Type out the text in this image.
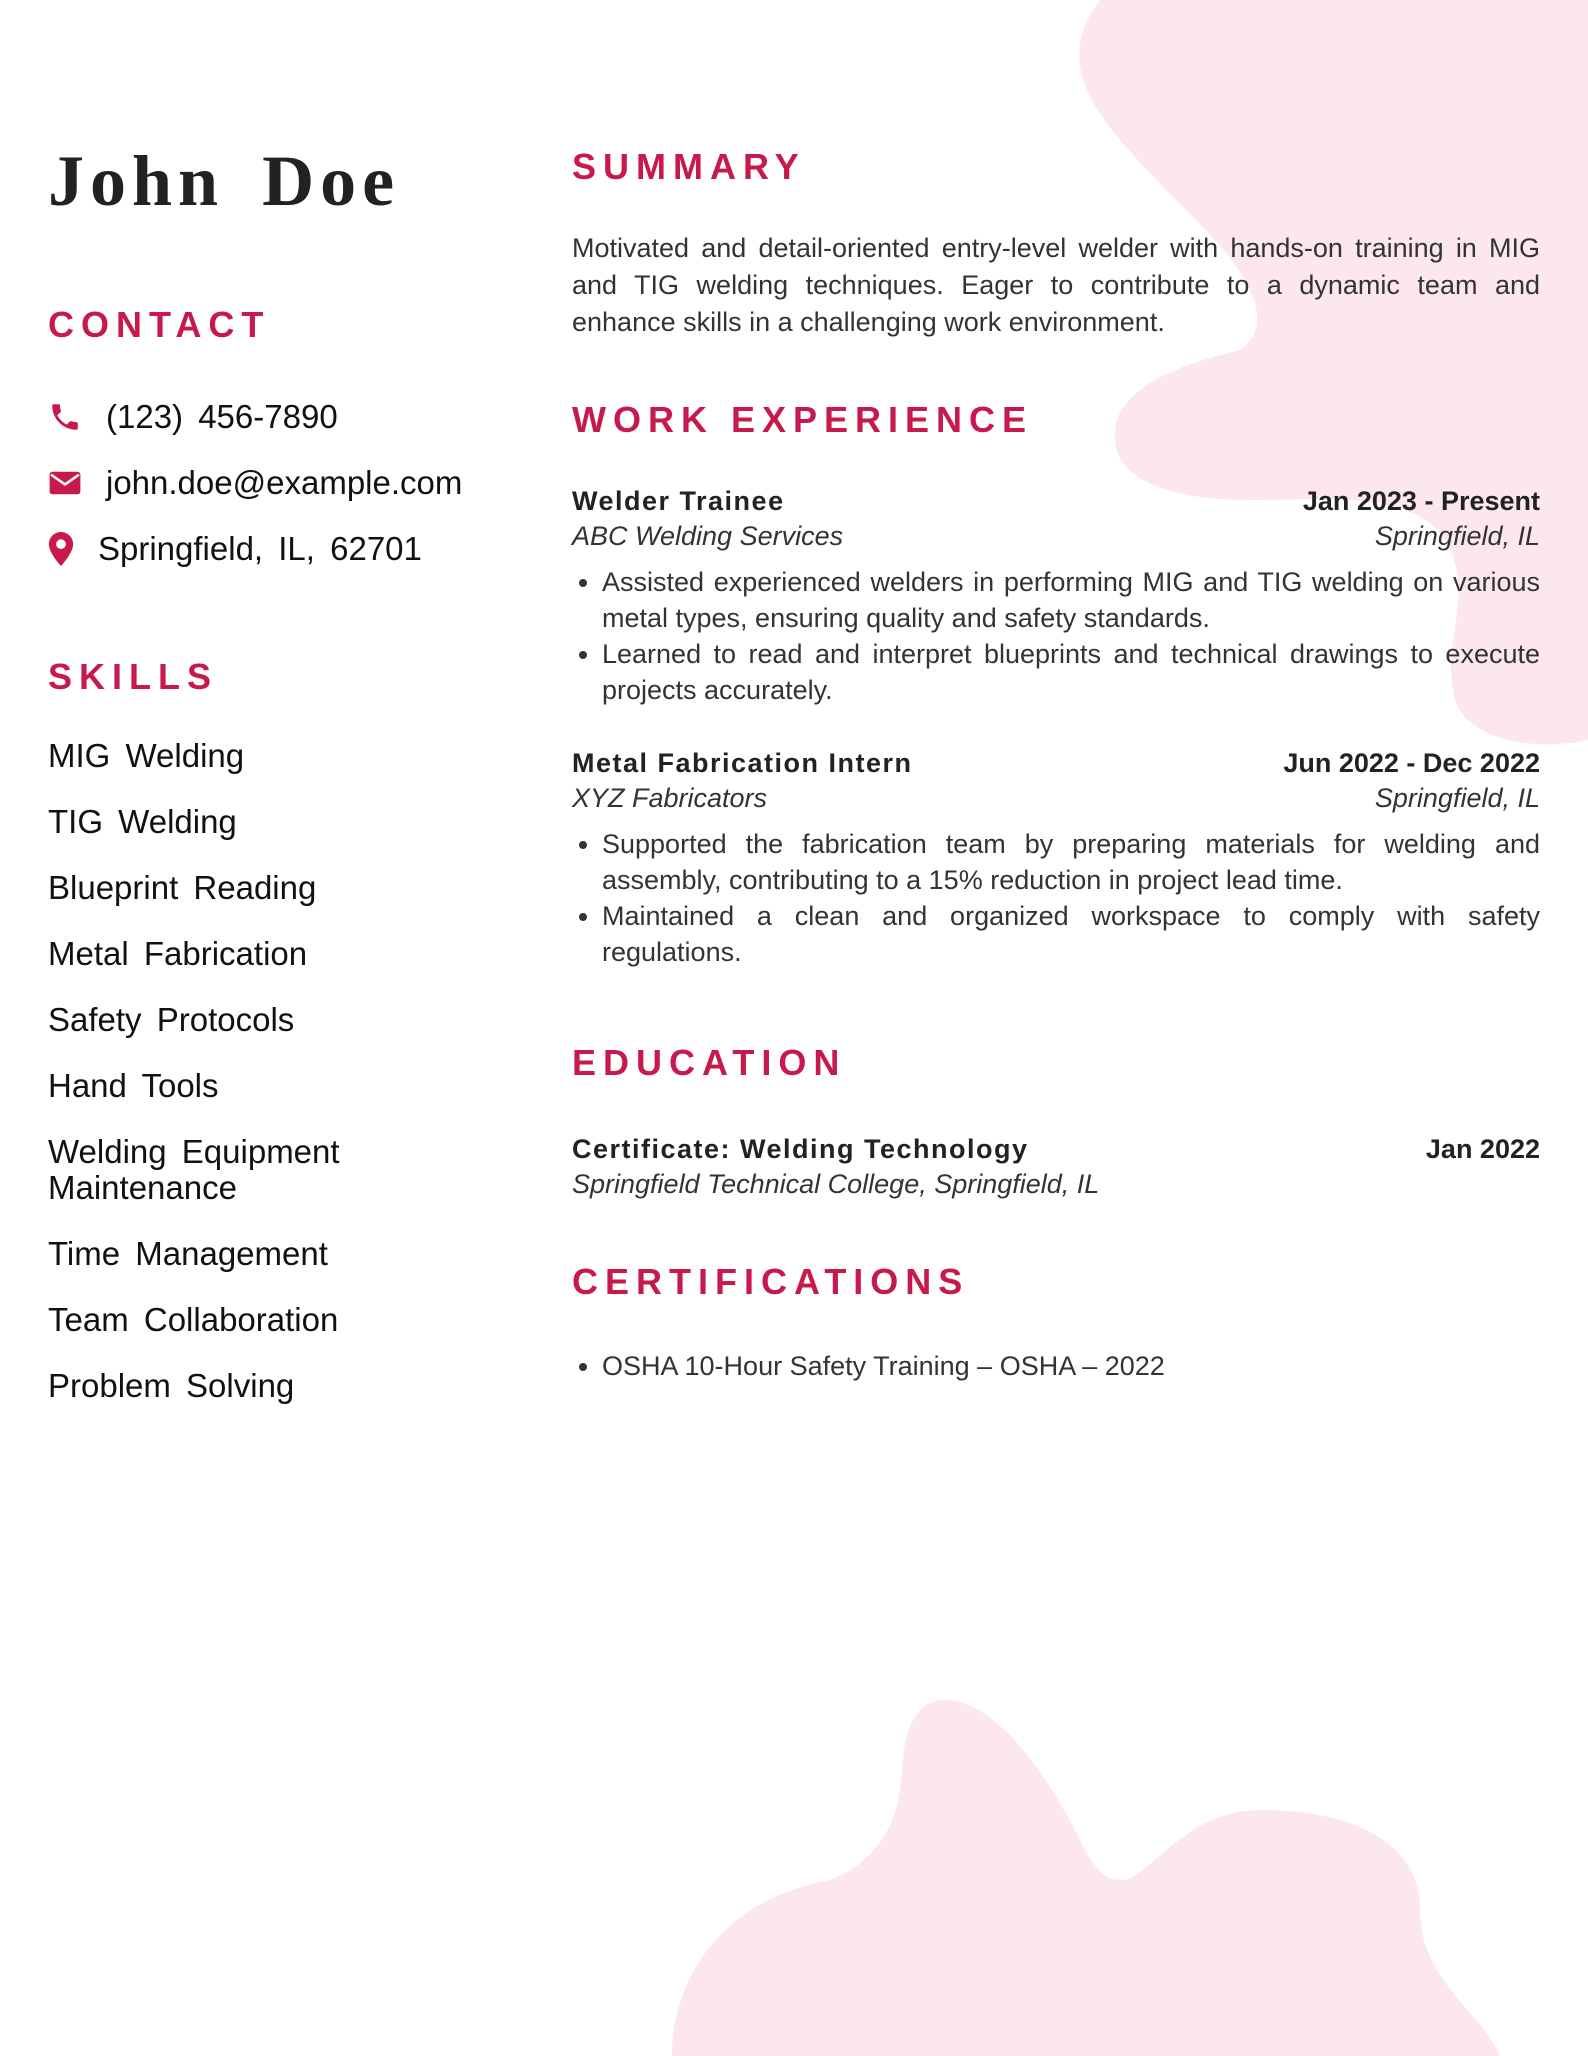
John Doe
CONTACT
(123) 456-7890
john.doe@example.com
Springfield, IL, 62701
SKILLS
MIG Welding
TIG Welding
Blueprint Reading
Metal Fabrication
Safety Protocols
Hand Tools
Welding Equipment Maintenance
Time Management
Team Collaboration
Problem Solving
SUMMARY

Motivated and detail-oriented entry-level welder with hands-on training in MIG and TIG welding techniques. Eager to contribute to a dynamic team and enhance skills in a challenging work environment.

WORK EXPERIENCE
Welder Trainee	Jan 2023 - Present
ABC Welding Services	Springfield, IL
• Assisted experienced welders in performing MIG and TIG welding on various metal types, ensuring quality and safety standards.
• Learned to read and interpret blueprints and technical drawings to execute projects accurately.
Metal Fabrication Intern	Jun 2022 - Dec 2022
XYZ Fabricators	Springfield, IL
• Supported the fabrication team by preparing materials for welding and assembly, contributing to a 15% reduction in project lead time.
• Maintained a clean and organized workspace to comply with safety regulations.
EDUCATION
Certificate: Welding Technology	Jan 2022
Springfield Technical College, Springfield, IL
CERTIFICATIONS
• OSHA 10-Hour Safety Training – OSHA – 2022
